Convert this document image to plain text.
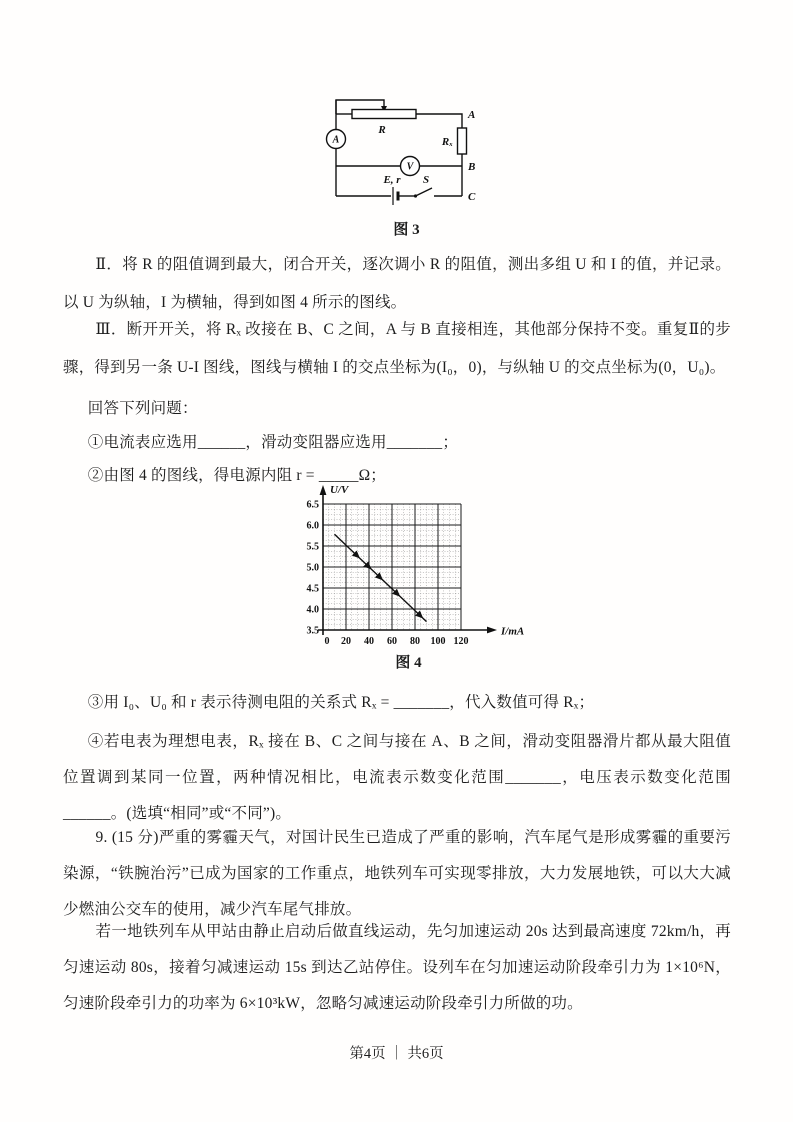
R
Rₓ
A
V
E, r S
A
B
C
图 3
Ⅱ．将 R 的阻值调到最大，闭合开关，逐次调小 R 的阻值，测出多组 U 和 I 的值，并记录。以 U 为纵轴，I 为横轴，得到如图 4 所示的图线。
Ⅲ．断开开关，将 Rₓ 改接在 B、C 之间，A 与 B 直接相连，其他部分保持不变。重复Ⅱ的步骤，得到另一条 U-I 图线，图线与横轴 I 的交点坐标为(I₀，0)，与纵轴 U 的交点坐标为(0，U₀)。
回答下列问题：
①电流表应选用______，滑动变阻器应选用_______；
②由图 4 的图线，得电源内阻 r = _____Ω；
0 20 40 60 80 100 120
3.5
4.0
4.5
5.0
5.5
6.0
6.5
U/V
I/mA
图 4
③用 I₀、U₀ 和 r 表示待测电阻的关系式 Rₓ = _______，代入数值可得 Rₓ；
④若电表为理想电表，Rₓ 接在 B、C 之间与接在 A、B 之间，滑动变阻器滑片都从最大阻值位置调到某同一位置，两种情况相比，电流表示数变化范围_______，电压表示数变化范围______。(选填“相同”或“不同”)。
9. (15 分)严重的雾霾天气，对国计民生已造成了严重的影响，汽车尾气是形成雾霾的重要污染源，“铁腕治污”已成为国家的工作重点，地铁列车可实现零排放，大力发展地铁，可以大大减少燃油公交车的使用，减少汽车尾气排放。
若一地铁列车从甲站由静止启动后做直线运动，先匀加速运动 20s 达到最高速度 72km/h，再匀速运动 80s，接着匀减速运动 15s 到达乙站停住。设列车在匀加速运动阶段牵引力为 1×10⁶N，匀速阶段牵引力的功率为 6×10³kW，忽略匀减速运动阶段牵引力所做的功。
第4页 ｜ 共6页
